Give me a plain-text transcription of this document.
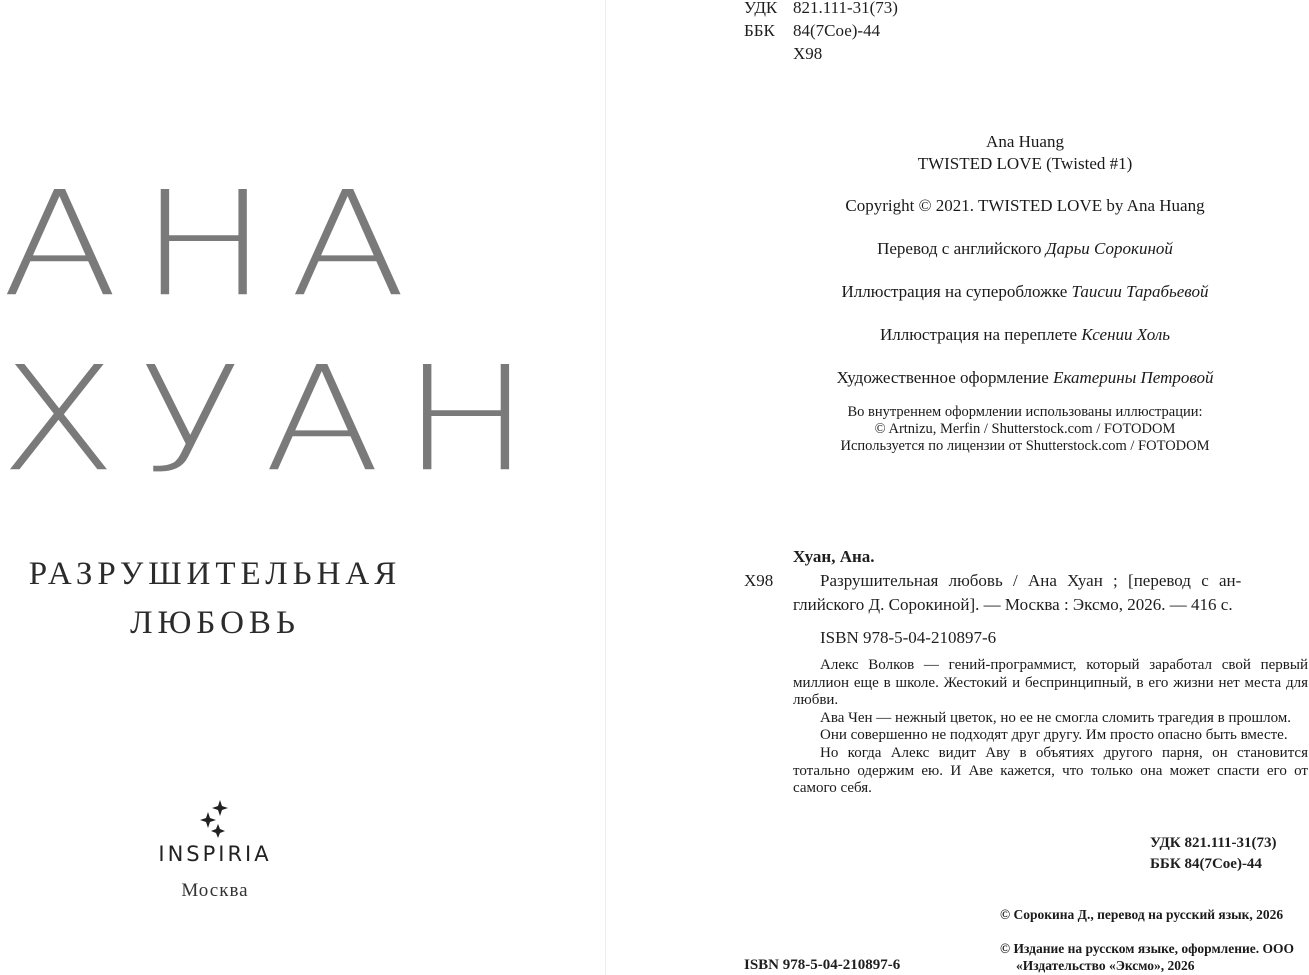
АНА
ХУАН
РАЗРУШИТЕЛЬНАЯ
ЛЮБОВЬ
INSPIRIA
Москва
УДК 821.111-31(73)
ББК 84(7Сое)-44
Х98
Ana Huang
TWISTED LOVE (Twisted #1)
Copyright © 2021. TWISTED LOVE by Ana Huang
Перевод с английского Дарьи Сорокиной
Иллюстрация на суперобложке Таисии Тарабьевой
Иллюстрация на переплете Ксении Холь
Художественное оформление Екатерины Петровой
Во внутреннем оформлении использованы иллюстрации:
© Artnizu, Merfin / Shutterstock.com / FOTODOM
Используется по лицензии от Shutterstock.com / FOTODOM
Хуан, Ана.
Х98	Разрушительная любовь / Ана Хуан ; [перевод с ан-
глийского Д. Сорокиной]. — Москва : Эксмо, 2026. — 416 с.
ISBN 978-5-04-210897-6

Алекс Волков — гений-программист, который заработал свой первый миллион еще в школе. Жестокий и беспринципный, в его жизни нет места для любви.

Ава Чен — нежный цветок, но ее не смогла сломить трагедия в прошлом.

Они совершенно не подходят друг другу. Им просто опасно быть вместе.

Но когда Алекс видит Аву в объятиях другого парня, он становится тотально одержим ею. И Аве кажется, что только она может спасти его от самого себя.

УДК 821.111-31(73)
ББК 84(7Сое)-44
ISBN 978-5-04-210897-6
© Сорокина Д., перевод на русский язык, 2026
© Издание на русском языке, оформление. ООО «Издательство «Эксмо», 2026
